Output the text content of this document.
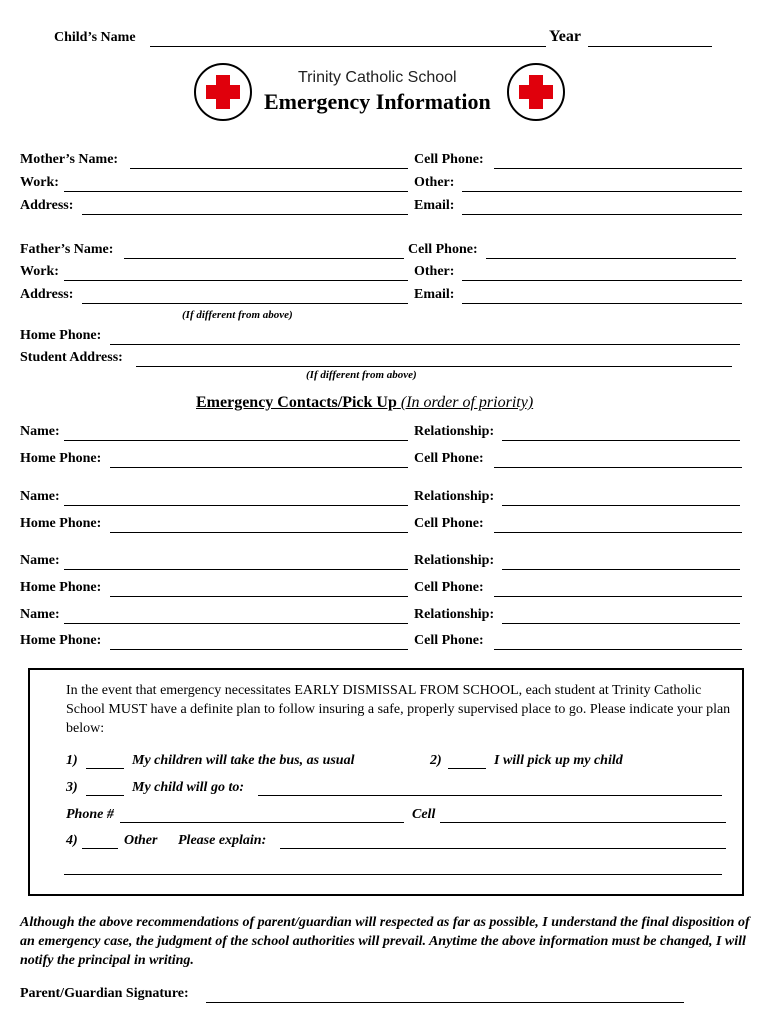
Child’s Name	Year
Trinity Catholic School
Emergency Information
Mother’s Name:	Cell Phone:
Work:	Other:
Address:	Email:
Father’s Name:	Cell Phone:
Work:	Other:
Address:	Email:
(If different from above)
Home Phone:
Student Address:
(If different from above)
Emergency Contacts/Pick Up (In order of priority)
Name:	Relationship:
Home Phone:	Cell Phone:
Name:	Relationship:
Home Phone:	Cell Phone:
Name:	Relationship:
Home Phone:	Cell Phone:
Name:	Relationship:
Home Phone:	Cell Phone:
In the event that emergency necessitates EARLY DISMISSAL FROM SCHOOL, each student at Trinity Catholic School MUST have a definite plan to follow insuring a safe, properly supervised place to go. Please indicate your plan below:
1)	My children will take the bus, as usual	2)	I will pick up my child
3)	My child will go to:
Phone #	Cell
4)	Other Please explain:
Although the above recommendations of parent/guardian will respected as far as possible, I understand the final disposition of an emergency case, the judgment of the school authorities will prevail. Anytime the above information must be changed, I will notify the principal in writing.
Parent/Guardian Signature:
